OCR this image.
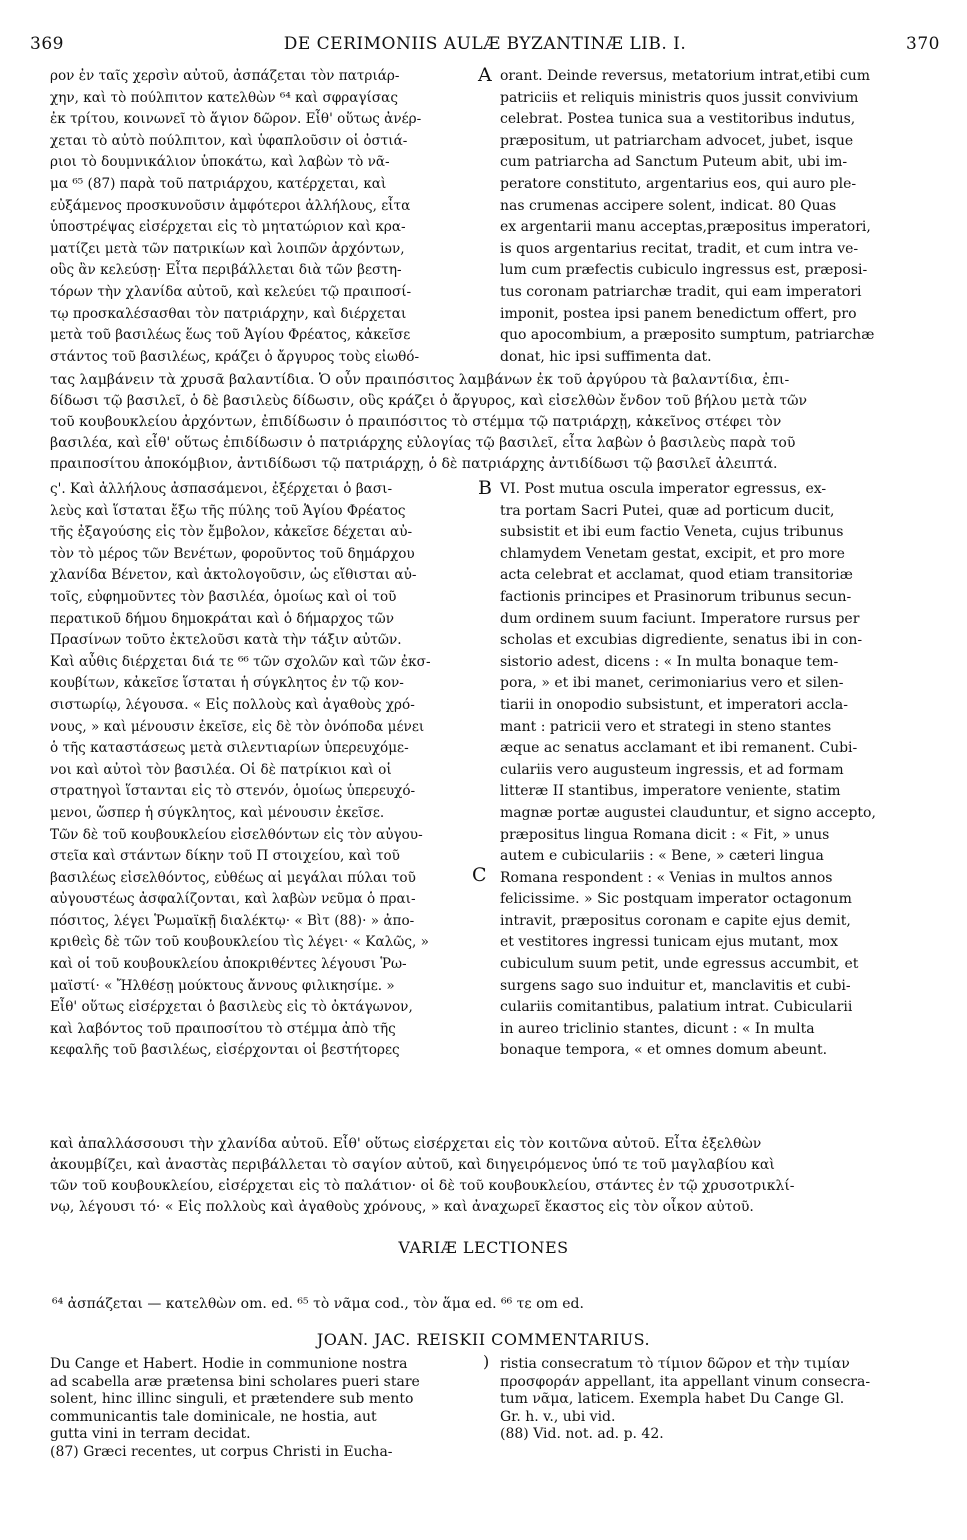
369	DE CERIMONIIS AULÆ BYZANTINÆ LIB. I.	370
ρον ἐν ταῖς χερσὶν αὐτοῦ, ἀσπάζεται τὸν πατριάρ-
χην, καὶ τὸ πούλπιτον κατελθὼν ⁶⁴ καὶ σφραγίσας
ἐκ τρίτου, κοινωνεῖ τὸ ἅγιον δῶρον. Εἶθ' οὕτως ἀνέρ-
χεται τὸ αὐτὸ πούλπιτον, καὶ ὑφαπλοῦσιν οἱ ὀστιά-
ριοι τὸ δουμνικάλιον ὑποκάτω, καὶ λαβὼν τὸ νᾶ-
μα ⁶⁵ (87) παρὰ τοῦ πατριάρχου, κατέρχεται, καὶ
εὐξάμενος προσκυνοῦσιν ἀμφότεροι ἀλλήλους, εἶτα
ὑποστρέψας εἰσέρχεται εἰς τὸ μητατώριον καὶ κρα-
ματίζει μετὰ τῶν πατρικίων καὶ λοιπῶν ἀρχόντων,
οὓς ἂν κελεύσῃ· Εἶτα περιβάλλεται διὰ τῶν βεστη-
τόρων τὴν χλανίδα αὐτοῦ, καὶ κελεύει τῷ πραιποσί-
τῳ προσκαλέσασθαι τὸν πατριάρχην, καὶ διέρχεται
μετὰ τοῦ βασιλέως ἕως τοῦ Ἁγίου Φρέατος, κἀκεῖσε
στάντος τοῦ βασιλέως, κράζει ὁ ἄργυρος τοὺς εἰωθό-
A orant. Deinde reversus, metatorium intrat,etibi cum
patriciis et reliquis ministris quos jussit convivium
celebrat. Postea tunica sua a vestitoribus indutus,
præpositum, ut patriarcham advocet, jubet, isque
cum patriarcha ad Sanctum Puteum abit, ubi im-
peratore constituto, argentarius eos, qui auro ple-
nas crumenas accipere solent, indicat. 80 Quas
ex argentarii manu acceptas,præpositus imperatori,
is quos argentarius recitat, tradit, et cum intra ve-
lum cum præfectis cubiculo ingressus est, præposi-
tus coronam patriarchæ tradit, qui eam imperatori
imponit, postea ipsi panem benedictum offert, pro
quo apocombium, a præposito sumptum, patriarchæ
donat, hic ipsi suffimenta dat.
τας λαμβάνειν τὰ χρυσᾶ βαλαντίδια. Ὁ οὖν πραιπόσιτος λαμβάνων ἐκ τοῦ ἀργύρου τὰ βαλαντίδια, ἐπι-
δίδωσι τῷ βασιλεῖ, ὁ δὲ βασιλεὺς δίδωσιν, οὓς κράζει ὁ ἄργυρος, καὶ εἰσελθὼν ἔνδον τοῦ βήλου μετὰ τῶν
τοῦ κουβουκλείου ἀρχόντων, ἐπιδίδωσιν ὁ πραιπόσιτος τὸ στέμμα τῷ πατριάρχῃ, κἀκεῖνος στέφει τὸν
βασιλέα, καὶ εἶθ' οὕτως ἐπιδίδωσιν ὁ πατριάρχης εὐλογίας τῷ βασιλεῖ, εἶτα λαβὼν ὁ βασιλεὺς παρὰ τοῦ
πραιποσίτου ἀποκόμβιον, ἀντιδίδωσι τῷ πατριάρχῃ, ὁ δὲ πατριάρχης ἀντιδίδωσι τῷ βασιλεῖ ἀλειπτά.
ς'. Καὶ ἀλλήλους ἀσπασάμενοι, ἐξέρχεται ὁ βασι-
λεὺς καὶ ἵσταται ἔξω τῆς πύλης τοῦ Ἁγίου Φρέατος
τῆς ἐξαγούσης εἰς τὸν ἔμβολον, κἀκεῖσε δέχεται αὐ-
τὸν τὸ μέρος τῶν Βενέτων, φοροῦντος τοῦ δημάρχου
χλανίδα Βένετον, καὶ ἀκτολογοῦσιν, ὡς εἴθισται αὐ-
τοῖς, εὐφημοῦντες τὸν βασιλέα, ὁμοίως καὶ οἱ τοῦ
περατικοῦ δήμου δημοκράται καὶ ὁ δήμαρχος τῶν
Πρασίνων τοῦτο ἐκτελοῦσι κατὰ τὴν τάξιν αὐτῶν.
Καὶ αὖθις διέρχεται διά τε ⁶⁶ τῶν σχολῶν καὶ τῶν ἐκσ-
κουβίτων, κἀκεῖσε ἵσταται ἡ σύγκλητος ἐν τῷ κον-
σιστωρίῳ, λέγουσα. « Εἰς πολλοὺς καὶ ἀγαθοὺς χρό-
νους, » καὶ μένουσιν ἐκεῖσε, εἰς δὲ τὸν ὀνόποδα μένει
ὁ τῆς καταστάσεως μετὰ σιλεντιαρίων ὑπερευχόμε-
νοι καὶ αὐτοὶ τὸν βασιλέα. Οἱ δὲ πατρίκιοι καὶ οἱ
στρατηγοὶ ἵστανται εἰς τὸ στενόν, ὁμοίως ὑπερευχό-
μενοι, ὥσπερ ἡ σύγκλητος, καὶ μένουσιν ἐκεῖσε.
Τῶν δὲ τοῦ κουβουκλείου εἰσελθόντων εἰς τὸν αὐγου-
στεῖα καὶ στάντων δίκην τοῦ Π στοιχείου, καὶ τοῦ
βασιλέως εἰσελθόντος, εὐθέως αἱ μεγάλαι πύλαι τοῦ
αὐγουστέως ἀσφαλίζονται, καὶ λαβὼν νεῦμα ὁ πραι-
πόσιτος, λέγει Ῥωμαϊκῇ διαλέκτῳ· « Βὶτ (88)· » ἀπο-
κριθεὶς δὲ τῶν τοῦ κουβουκλείου τὶς λέγει· « Καλῶς, »
καὶ οἱ τοῦ κουβουκλείου ἀποκριθέντες λέγουσι Ῥω-
μαϊστί· « Ἤλθέσῃ μούκτους ἄννους φιλικησίμε. »
Εἶθ' οὕτως εἰσέρχεται ὁ βασιλεὺς εἰς τὸ ὀκτάγωνον,
καὶ λαβόντος τοῦ πραιποσίτου τὸ στέμμα ἀπὸ τῆς
κεφαλῆς τοῦ βασιλέως, εἰσέρχονται οἱ βεστήτορες
B
C
VI. Post mutua oscula imperator egressus, ex-
tra portam Sacri Putei, quæ ad porticum ducit,
subsistit et ibi eum factio Veneta, cujus tribunus
chlamydem Venetam gestat, excipit, et pro more
acta celebrat et acclamat, quod etiam transitoriæ
factionis principes et Prasinorum tribunus secun-
dum ordinem suum faciunt. Imperatore rursus per
scholas et excubias digrediente, senatus ibi in con-
sistorio adest, dicens : « In multa bonaque tem-
pora, » et ibi manet, cerimoniarius vero et silen-
tiarii in onopodio subsistunt, et imperatori accla-
mant : patricii vero et strategi in steno stantes
æque ac senatus acclamant et ibi remanent. Cubi-
culariis vero augusteum ingressis, et ad formam
litteræ II stantibus, imperatore veniente, statim
magnæ portæ augustei clauduntur, et signo accepto,
præpositus lingua Romana dicit : « Fit, » unus
autem e cubiculariis : « Bene, » cæteri lingua
Romana respondent : « Venias in multos annos
felicissime. » Sic postquam imperator octagonum
intravit, præpositus coronam e capite ejus demit,
et vestitores ingressi tunicam ejus mutant, mox
cubiculum suum petit, unde egressus accumbit, et
surgens sago suo induitur et, manclavitis et cubi-
culariis comitantibus, palatium intrat. Cubicularii
in aureo triclinio stantes, dicunt : « In multa
bonaque tempora, « et omnes domum abeunt.
καὶ ἀπαλλάσσουσι τὴν χλανίδα αὐτοῦ. Εἶθ' οὕτως εἰσέρχεται εἰς τὸν κοιτῶνα αὐτοῦ. Εἶτα ἐξελθὼν
ἀκουμβίζει, καὶ ἀναστὰς περιβάλλεται τὸ σαγίον αὐτοῦ, καὶ διηγειρόμενος ὑπό τε τοῦ μαγλαβίου καὶ
τῶν τοῦ κουβουκλείου, εἰσέρχεται εἰς τὸ παλάτιον· οἱ δὲ τοῦ κουβουκλείου, στάντες ἐν τῷ χρυσοτρικλί-
νῳ, λέγουσι τό· « Εἰς πολλοὺς καὶ ἀγαθοὺς χρόνους, » καὶ ἀναχωρεῖ ἕκαστος εἰς τὸν οἶκον αὐτοῦ.
VARIÆ LECTIONES
⁶⁴ ἀσπάζεται — κατελθὼν om. ed. ⁶⁵ τὸ νᾶμα cod., τὸν ἅμα ed. ⁶⁶ τε om ed.
JOAN. JAC. REISKII COMMENTARIUS.
Du Cange et Habert. Hodie in communione nostra
ad scabella aræ prætensa bini scholares pueri stare
solent, hinc illinc singuli, et prætendere sub mento
communicantis tale dominicale, ne hostia, aut
gutta vini in terram decidat.
(87) Græci recentes, ut corpus Christi in Eucha-
) ristia consecratum τὸ τίμιον δῶρον et τὴν τιμίαν
προσφοράν appellant, ita appellant vinum consecra-
tum νᾶμα, laticem. Exempla habet Du Cange Gl.
Gr. h. v., ubi vid.
(88) Vid. not. ad. p. 42.
